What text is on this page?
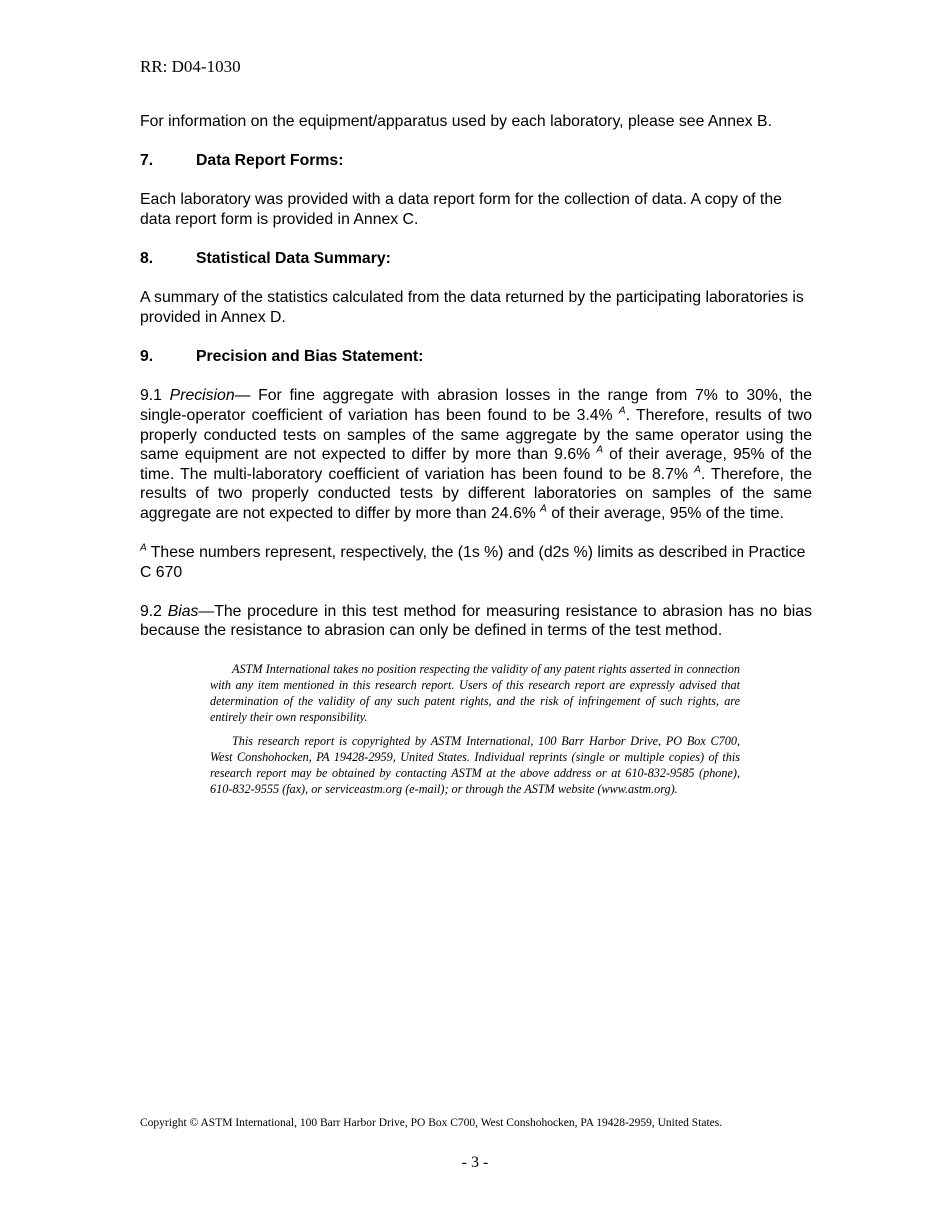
RR: D04-1030

For information on the equipment/apparatus used by each laboratory, please see Annex B.

7.	Data Report Forms:

Each laboratory was provided with a data report form for the collection of data. A copy of the data report form is provided in Annex C.

8.	Statistical Data Summary:

A summary of the statistics calculated from the data returned by the participating laboratories is provided in Annex D.

9.	Precision and Bias Statement:

9.1 Precision— For fine aggregate with abrasion losses in the range from 7% to 30%, the single-operator coefficient of variation has been found to be 3.4% $^A$. Therefore, results of two properly conducted tests on samples of the same aggregate by the same operator using the same equipment are not expected to differ by more than 9.6% $^A$ of their average, 95% of the time. The multi-laboratory coefficient of variation has been found to be 8.7% $^A$. Therefore, the results of two properly conducted tests by different laboratories on samples of the same aggregate are not expected to differ by more than 24.6% $^A$ of their average, 95% of the time.

$^A$ These numbers represent, respectively, the (1s %) and (d2s %) limits as described in Practice C 670

9.2 Bias—The procedure in this test method for measuring resistance to abrasion has no bias because the resistance to abrasion can only be defined in terms of the test method.

ASTM International takes no position respecting the validity of any patent rights asserted in connection with any item mentioned in this research report. Users of this research report are expressly advised that determination of the validity of any such patent rights, and the risk of infringement of such rights, are entirely their own responsibility.

This research report is copyrighted by ASTM International, 100 Barr Harbor Drive, PO Box C700, West Conshohocken, PA 19428-2959, United States. Individual reprints (single or multiple copies) of this research report may be obtained by contacting ASTM at the above address or at 610-832-9585 (phone), 610-832-9555 (fax), or serviceastm.org (e-mail); or through the ASTM website (www.astm.org).

Copyright © ASTM International, 100 Barr Harbor Drive, PO Box C700, West Conshohocken, PA 19428-2959, United States.
- 3 -
